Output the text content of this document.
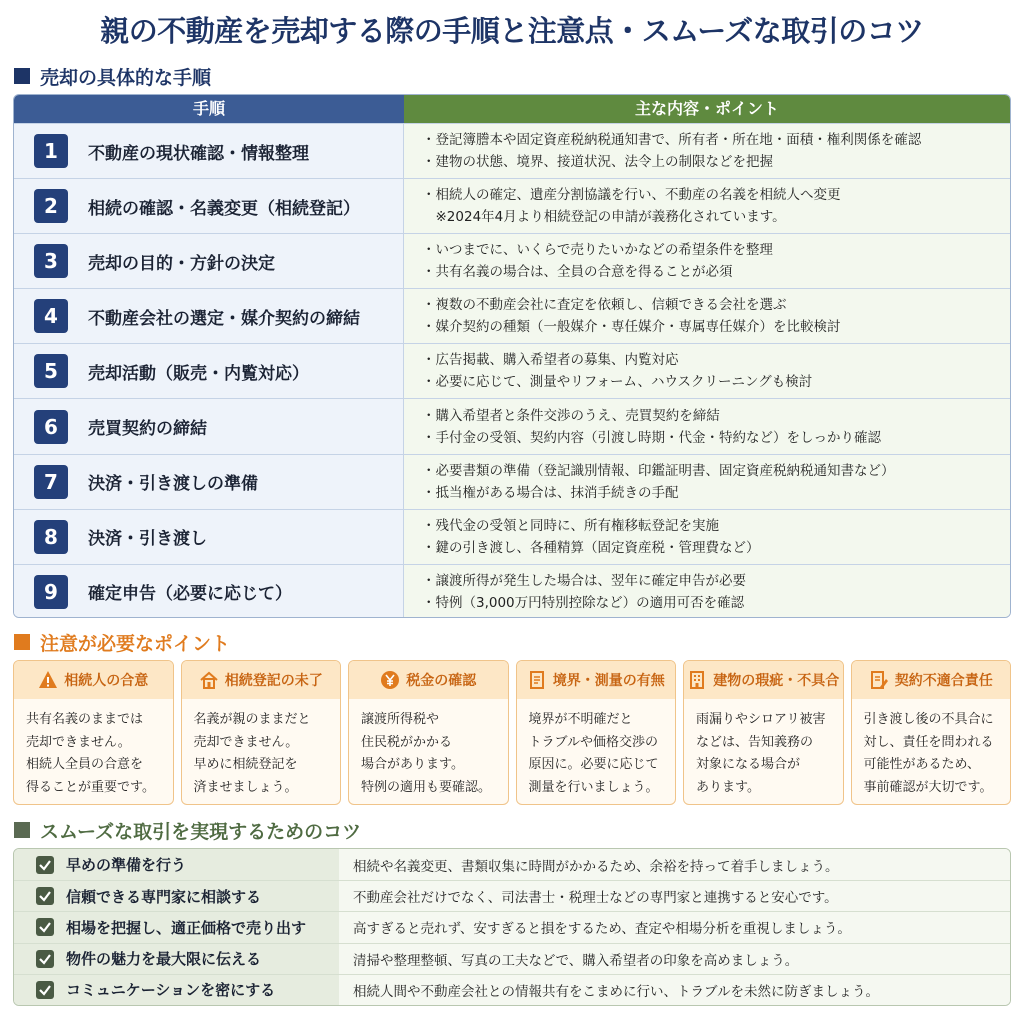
親の不動産を売却する際の手順と注意点・スムーズな取引のコツ
売却の具体的な手順
手順	主な内容・ポイント
1	不動産の現状確認・情報整理
・登記簿謄本や固定資産税納税通知書で、所有者・所在地・面積・権利関係を確認
・建物の状態、境界、接道状況、法令上の制限などを把握
2	相続の確認・名義変更（相続登記）
・相続人の確定、遺産分割協議を行い、不動産の名義を相続人へ変更
　※2024年4月より相続登記の申請が義務化されています。
3	売却の目的・方針の決定
・いつまでに、いくらで売りたいかなどの希望条件を整理
・共有名義の場合は、全員の合意を得ることが必須
4	不動産会社の選定・媒介契約の締結
・複数の不動産会社に査定を依頼し、信頼できる会社を選ぶ
・媒介契約の種類（一般媒介・専任媒介・専属専任媒介）を比較検討
5	売却活動（販売・内覧対応）
・広告掲載、購入希望者の募集、内覧対応
・必要に応じて、測量やリフォーム、ハウスクリーニングも検討
6	売買契約の締結
・購入希望者と条件交渉のうえ、売買契約を締結
・手付金の受領、契約内容（引渡し時期・代金・特約など）をしっかり確認
7	決済・引き渡しの準備
・必要書類の準備（登記識別情報、印鑑証明書、固定資産税納税通知書など）
・抵当権がある場合は、抹消手続きの手配
8	決済・引き渡し
・残代金の受領と同時に、所有権移転登記を実施
・鍵の引き渡し、各種精算（固定資産税・管理費など）
9	確定申告（必要に応じて）
・譲渡所得が発生した場合は、翌年に確定申告が必要
・特例（3,000万円特別控除など）の適用可否を確認
注意が必要なポイント
相続人の合意
共有名義のままでは
売却できません。
相続人全員の合意を
得ることが重要です。
相続登記の未了
名義が親のままだと
売却できません。
早めに相続登記を
済ませましょう。
税金の確認
譲渡所得税や
住民税がかかる
場合があります。
特例の適用も要確認。
境界・測量の有無
境界が不明確だと
トラブルや価格交渉の
原因に。必要に応じて
測量を行いましょう。
建物の瑕疵・不具合
雨漏りやシロアリ被害
などは、告知義務の
対象になる場合が
あります。
契約不適合責任
引き渡し後の不具合に
対し、責任を問われる
可能性があるため、
事前確認が大切です。
スムーズな取引を実現するためのコツ
早めの準備を行う	相続や名義変更、書類収集に時間がかかるため、余裕を持って着手しましょう。
信頼できる専門家に相談する	不動産会社だけでなく、司法書士・税理士などの専門家と連携すると安心です。
相場を把握し、適正価格で売り出す	高すぎると売れず、安すぎると損をするため、査定や相場分析を重視しましょう。
物件の魅力を最大限に伝える	清掃や整理整頓、写真の工夫などで、購入希望者の印象を高めましょう。
コミュニケーションを密にする	相続人間や不動産会社との情報共有をこまめに行い、トラブルを未然に防ぎましょう。
